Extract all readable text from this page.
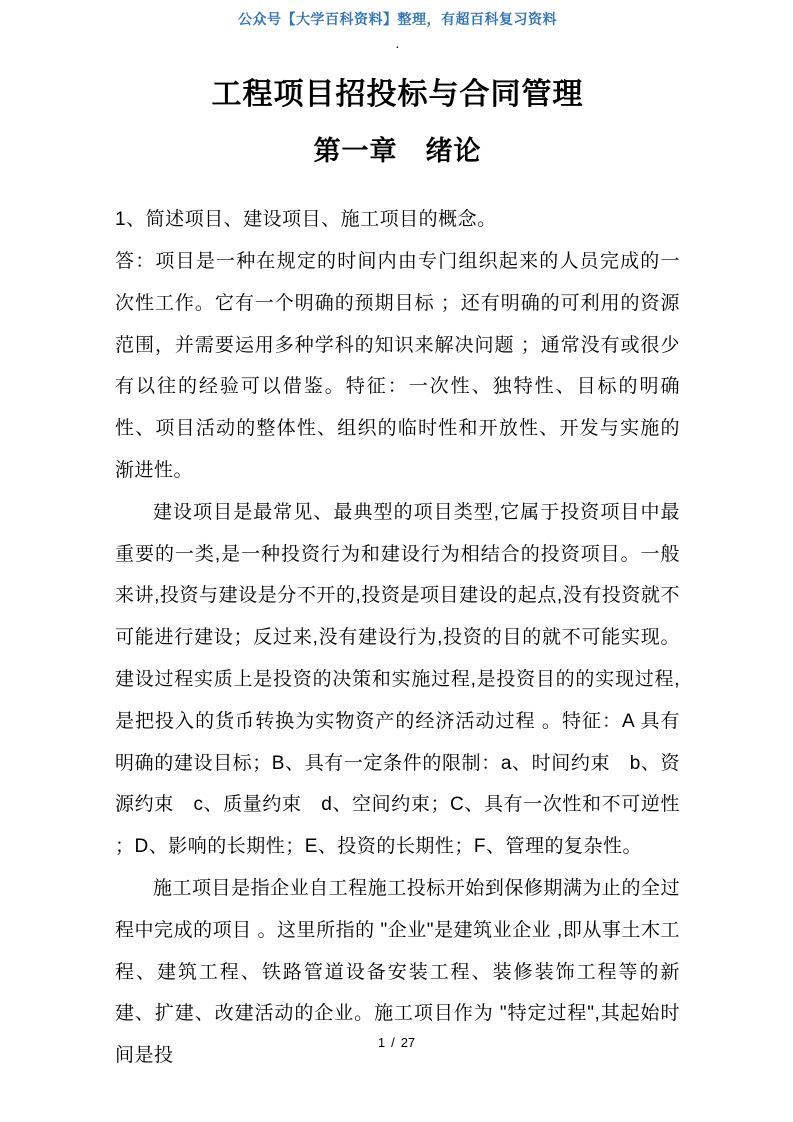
公众号【大学百科资料】整理，有超百科复习资料
.
工程项目招投标与合同管理
第一章　绪论

1、简述项目、建设项目、施工项目的概念。

答：项目是一种在规定的时间内由专门组织起来的人员完成的一次性工作。它有一个明确的预期目标 ；还有明确的可利用的资源范围，并需要运用多种学科的知识来解决问题 ；通常没有或很少有以往的经验可以借鉴。特征：一次性、独特性、目标的明确性、项目活动的整体性、组织的临时性和开放性、开发与实施的渐进性。

建设项目是最常见、最典型的项目类型,它属于投资项目中最重要的一类,是一种投资行为和建设行为相结合的投资项目。一般来讲,投资与建设是分不开的,投资是项目建设的起点,没有投资就不可能进行建设；反过来,没有建设行为,投资的目的就不可能实现。建设过程实质上是投资的决策和实施过程,是投资目的的实现过程,是把投入的货币转换为实物资产的经济活动过程 。特征：A 具有明确的建设目标；B、具有一定条件的限制：a、时间约束　b、资源约束　c、质量约束　d、空间约束；C、具有一次性和不可逆性 ；D、影响的长期性；E、投资的长期性；F、管理的复杂性。

施工项目是指企业自工程施工投标开始到保修期满为止的全过程中完成的项目 。这里所指的 "企业"是建筑业企业 ,即从事土木工程、建筑工程、铁路管道设备安装工程、装修装饰工程等的新建、扩建、改建活动的企业。施工项目作为 "特定过程",其起始时间是投

1 / 27
